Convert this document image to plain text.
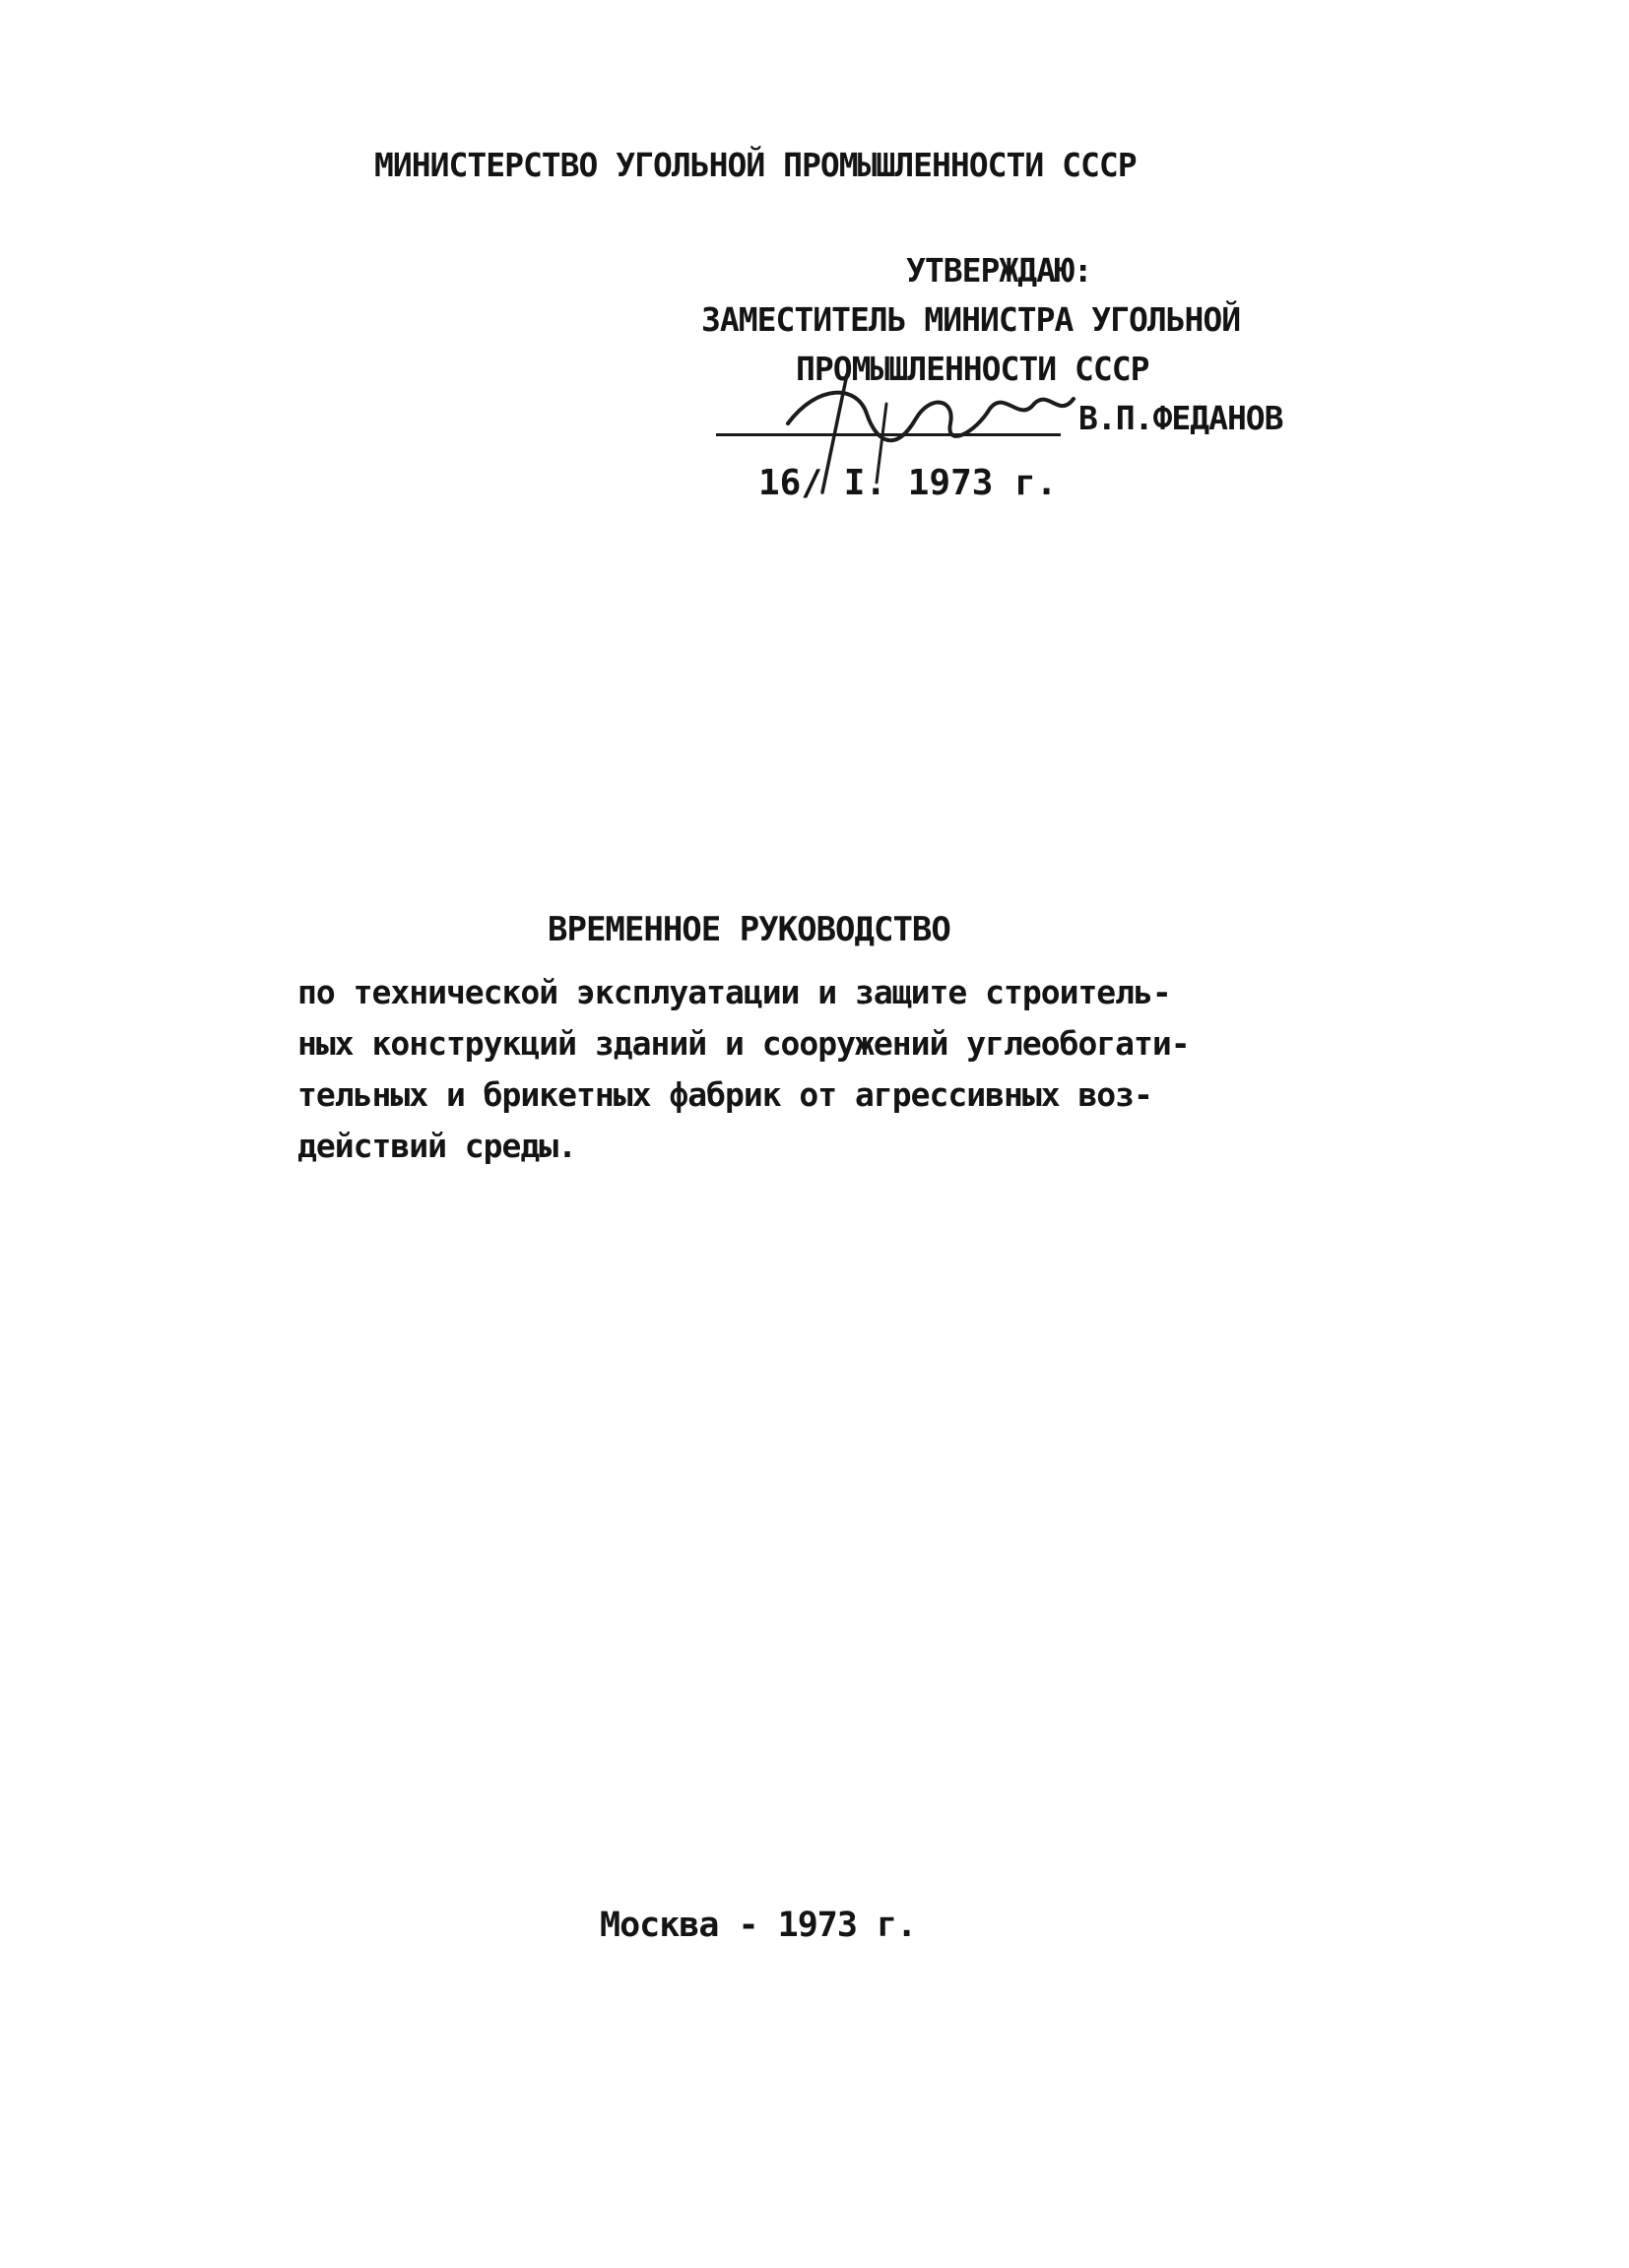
МИНИСТЕРСТВО УГОЛЬНОЙ ПРОМЫШЛЕННОСТИ СССР
УТВЕРЖДАЮ:
ЗАМЕСТИТЕЛЬ МИНИСТРА УГОЛЬНОЙ
ПРОМЫШЛЕННОСТИ СССР
В.П.ФЕДАНОВ
16/ I. 1973 г.
ВРЕМЕННОЕ РУКОВОДСТВО
по технической эксплуатации и защите строитель-
ных конструкций зданий и сооружений углеобогати-
тельных и брикетных фабрик от агрессивных воз-
действий среды.
Москва - 1973 г.
